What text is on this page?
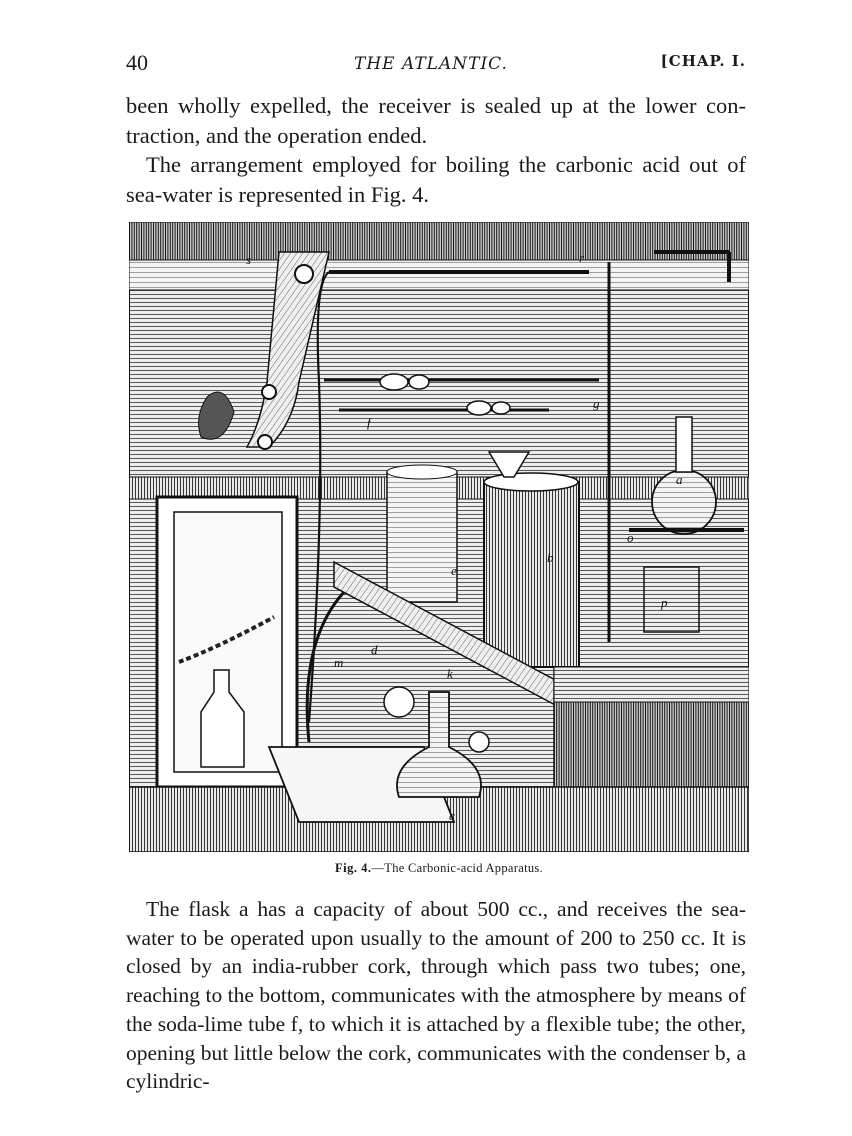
40	THE ATLANTIC.	[CHAP. I.

been wholly expelled, the receiver is sealed up at the lower contraction, and the operation ended.

The arrangement employed for boiling the carbonic acid out of sea-water is represented in Fig. 4.

a
b
c
d
e
f
g
k
m
o
p
r
s
Fig. 4.—The Carbonic-acid Apparatus.

The flask a has a capacity of about 500 cc., and receives the sea-water to be operated upon usually to the amount of 200 to 250 cc. It is closed by an india-rubber cork, through which pass two tubes; one, reaching to the bottom, communicates with the atmosphere by means of the soda-lime tube f, to which it is attached by a flexible tube; the other, opening but little below the cork, communicates with the condenser b, a cylindric-
